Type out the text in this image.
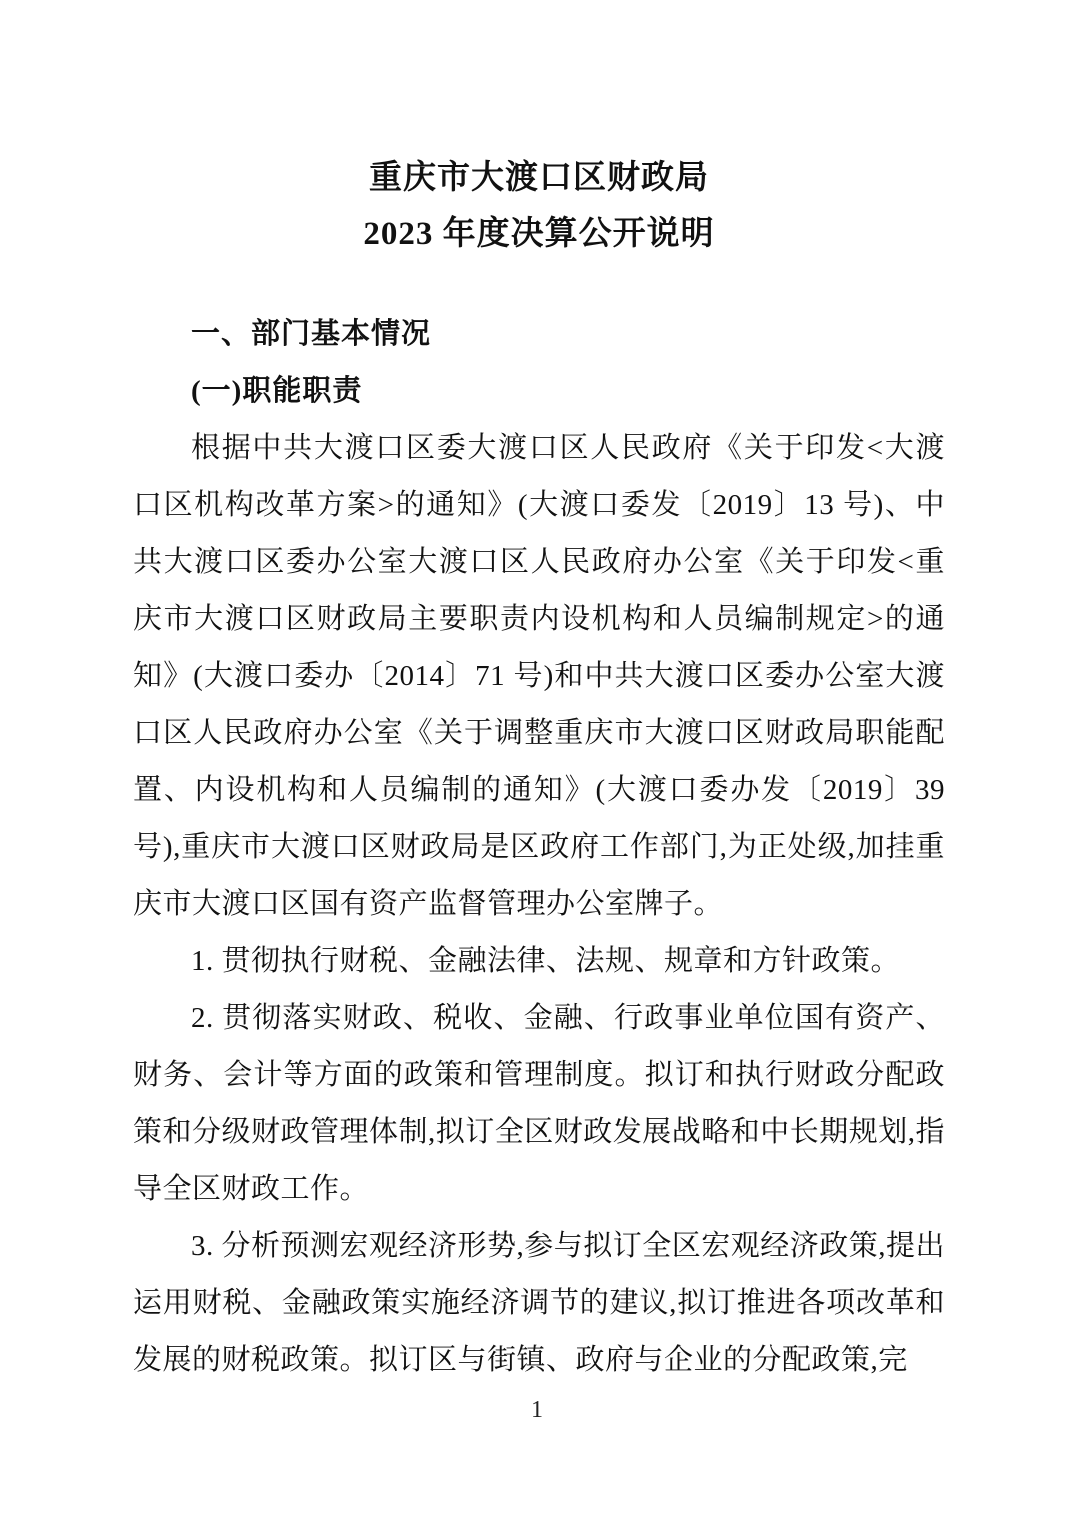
重庆市大渡口区财政局
2023 年度决算公开说明
一、部门基本情况
(一)职能职责

根据中共大渡口区委大渡口区人民政府《关于印发<大渡口区机构改革方案>的通知》(大渡口委发〔2019〕13 号)、中共大渡口区委办公室大渡口区人民政府办公室《关于印发<重庆市大渡口区财政局主要职责内设机构和人员编制规定>的通知》(大渡口委办〔2014〕71 号)和中共大渡口区委办公室大渡口区人民政府办公室《关于调整重庆市大渡口区财政局职能配置、内设机构和人员编制的通知》(大渡口委办发〔2019〕39 号),重庆市大渡口区财政局是区政府工作部门,为正处级,加挂重庆市大渡口区国有资产监督管理办公室牌子。

1. 贯彻执行财税、金融法律、法规、规章和方针政策。

2. 贯彻落实财政、税收、金融、行政事业单位国有资产、财务、会计等方面的政策和管理制度。拟订和执行财政分配政策和分级财政管理体制,拟订全区财政发展战略和中长期规划,指导全区财政工作。

3. 分析预测宏观经济形势,参与拟订全区宏观经济政策,提出运用财税、金融政策实施经济调节的建议,拟订推进各项改革和发展的财税政策。拟订区与街镇、政府与企业的分配政策,完

1
